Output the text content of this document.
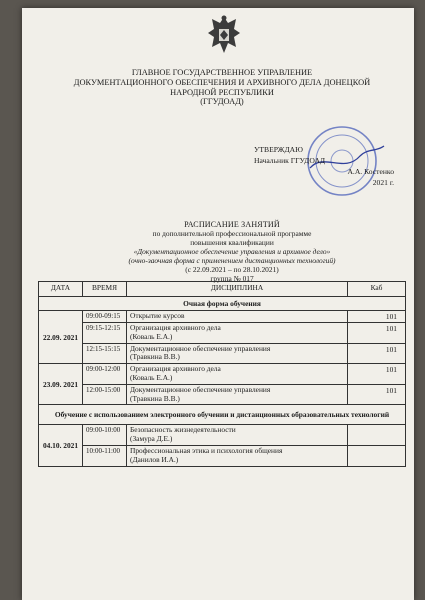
ГЛАВНОЕ ГОСУДАРСТВЕННОЕ УПРАВЛЕНИЕ
ДОКУМЕНТАЦИОННОГО ОБЕСПЕЧЕНИЯ И АРХИВНОГО ДЕЛА ДОНЕЦКОЙ
НАРОДНОЙ РЕСПУБЛИКИ
(ГГУДОАД)
УТВЕРЖДАЮ
Начальник ГГУДОАД
А.А. Костенко
2021 г.
РАСПИСАНИЕ ЗАНЯТИЙ
по дополнительной профессиональной программе
повышения квалификации
«Документационное обеспечение управления и архивное дело»
(очно-заочная форма с применением дистанционных технологий)
(с 22.09.2021 – по 28.10.2021)
группа № 017
ДАТА	ВРЕМЯ	ДИСЦИПЛИНА	Каб
Очная форма обучения			
22.09. 2021	09:00-09:15	Открытие курсов	101
	09:15-12:15	Организация архивного дела
(Коваль Е.А.)	101
	12:15-15:15	Документационное обеспечение управления
(Травкина В.В.)	101
23.09. 2021	09:00-12:00	Организация архивного дела
(Коваль Е.А.)	101
	12:00-15:00	Документационное обеспечение управления
(Травкина В.В.)	101
Обучение с использованием электронного обучении и дистанционных образовательных технологий			
04.10. 2021	09:00-10:00	Безопасность жизнедеятельности
(Замура Д.Е.)	

	10:00-11:00	Профессиональная этика и психология общения
(Данилов И.А.)	
